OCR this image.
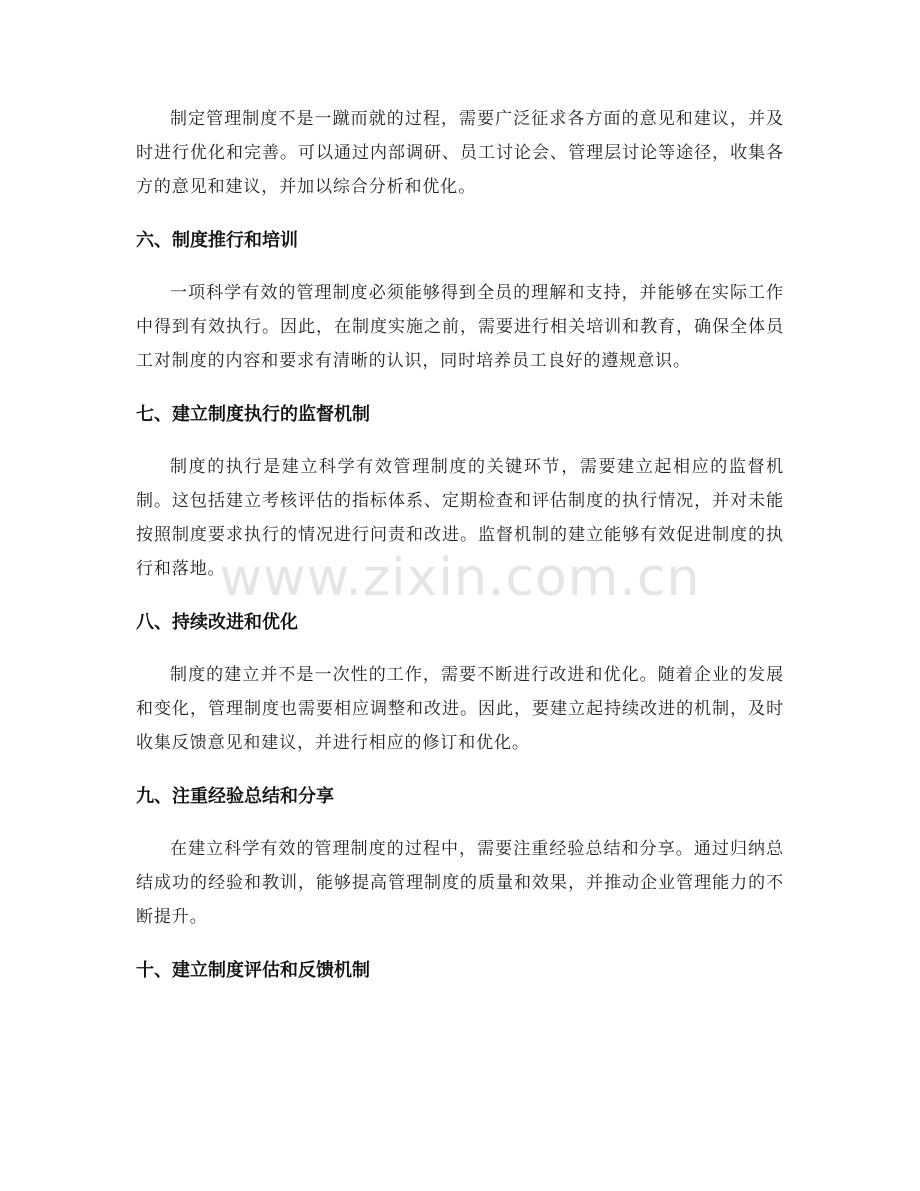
制定管理制度不是一蹴而就的过程，需要广泛征求各方面的意见和建议，并及时进行优化和完善。可以通过内部调研、员工讨论会、管理层讨论等途径，收集各方的意见和建议，并加以综合分析和优化。

六、制度推行和培训

一项科学有效的管理制度必须能够得到全员的理解和支持，并能够在实际工作中得到有效执行。因此，在制度实施之前，需要进行相关培训和教育，确保全体员工对制度的内容和要求有清晰的认识，同时培养员工良好的遵规意识。

七、建立制度执行的监督机制

制度的执行是建立科学有效管理制度的关键环节，需要建立起相应的监督机制。这包括建立考核评估的指标体系、定期检查和评估制度的执行情况，并对未能按照制度要求执行的情况进行问责和改进。监督机制的建立能够有效促进制度的执行和落地。

八、持续改进和优化

制度的建立并不是一次性的工作，需要不断进行改进和优化。随着企业的发展和变化，管理制度也需要相应调整和改进。因此，要建立起持续改进的机制，及时收集反馈意见和建议，并进行相应的修订和优化。

九、注重经验总结和分享

在建立科学有效的管理制度的过程中，需要注重经验总结和分享。通过归纳总结成功的经验和教训，能够提高管理制度的质量和效果，并推动企业管理能力的不断提升。

十、建立制度评估和反馈机制
www.zixin.com.cn
